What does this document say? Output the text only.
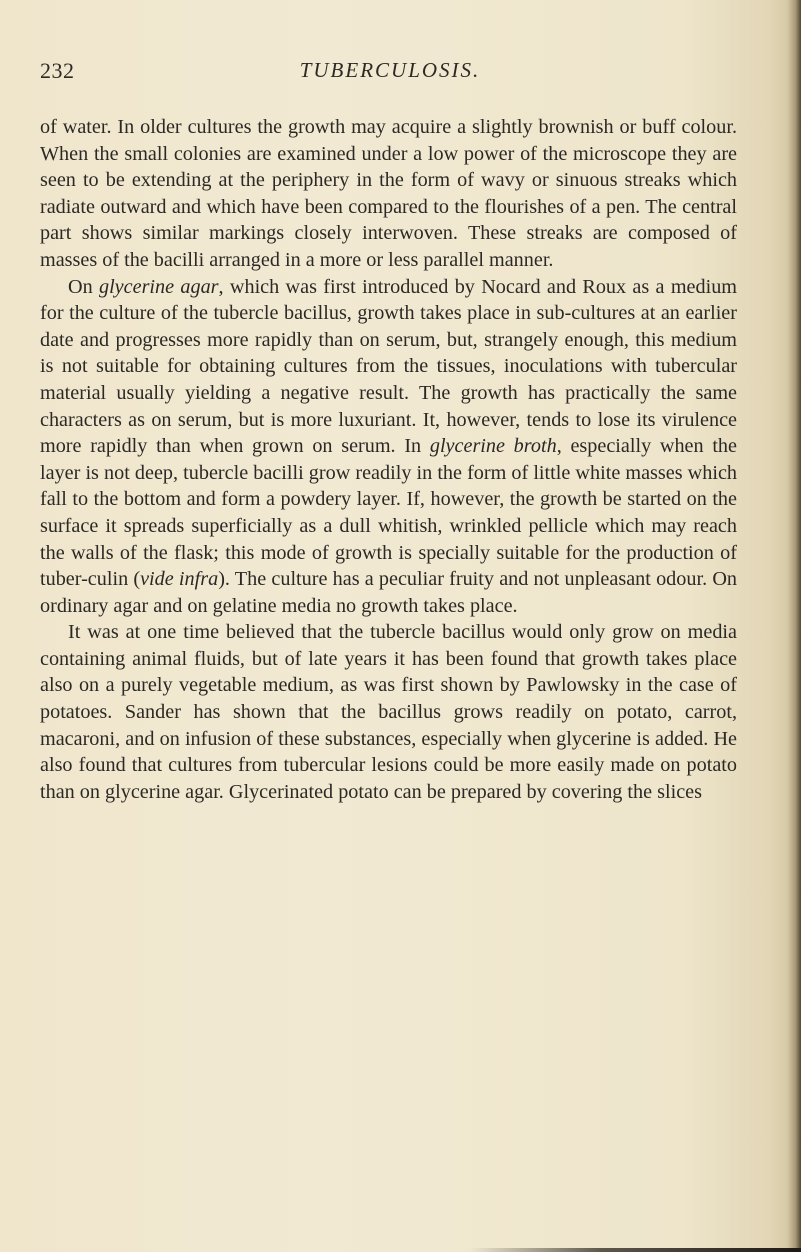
232	TUBERCULOSIS.

of water. In older cultures the growth may acquire a slightly brownish or buff colour. When the small colonies are examined under a low power of the microscope they are seen to be extending at the periphery in the form of wavy or sinuous streaks which radiate outward and which have been compared to the flourishes of a pen. The central part shows similar markings closely interwoven. These streaks are composed of masses of the bacilli arranged in a more or less parallel manner.

On glycerine agar, which was first introduced by Nocard and Roux as a medium for the culture of the tubercle bacillus, growth takes place in sub-cultures at an earlier date and progresses more rapidly than on serum, but, strangely enough, this medium is not suitable for obtaining cultures from the tissues, inoculations with tubercular material usually yielding a negative result. The growth has practically the same characters as on serum, but is more luxuriant. It, however, tends to lose its virulence more rapidly than when grown on serum. In glycerine broth, especially when the layer is not deep, tubercle bacilli grow readily in the form of little white masses which fall to the bottom and form a powdery layer. If, however, the growth be started on the surface it spreads superficially as a dull whitish, wrinkled pellicle which may reach the walls of the flask; this mode of growth is specially suitable for the production of tuber-culin (vide infra). The culture has a peculiar fruity and not unpleasant odour. On ordinary agar and on gelatine media no growth takes place.

It was at one time believed that the tubercle bacillus would only grow on media containing animal fluids, but of late years it has been found that growth takes place also on a purely vegetable medium, as was first shown by Pawlowsky in the case of potatoes. Sander has shown that the bacillus grows readily on potato, carrot, macaroni, and on infusion of these substances, especially when glycerine is added. He also found that cultures from tubercular lesions could be more easily made on potato than on glycerine agar. Glycerinated potato can be prepared by covering the slices
